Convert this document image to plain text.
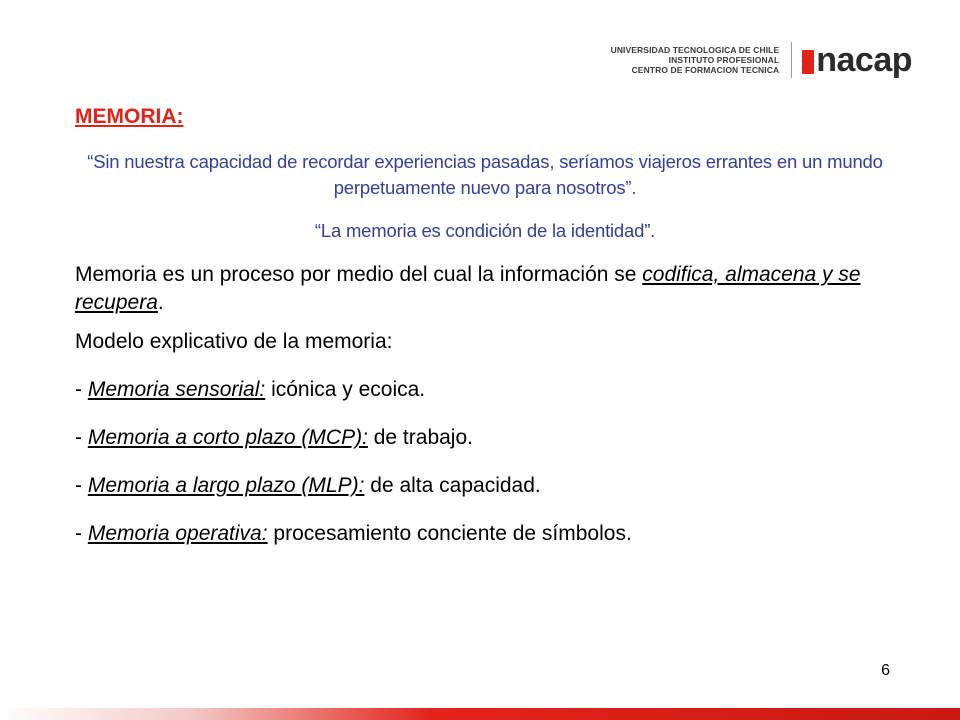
UNIVERSIDAD TECNOLOGICA DE CHILE
INSTITUTO PROFESIONAL
CENTRO DE FORMACION TECNICA nacap
MEMORIA:

“Sin nuestra capacidad de recordar experiencias pasadas, seríamos viajeros errantes en un mundo perpetuamente nuevo para nosotros”.

“La memoria es condición de la identidad”.

Memoria es un proceso por medio del cual la información se codifica, almacena y se recupera.

Modelo explicativo de la memoria:

- Memoria sensorial: icónica y ecoica.

- Memoria a corto plazo (MCP): de trabajo.

- Memoria a largo plazo (MLP): de alta capacidad.

- Memoria operativa: procesamiento conciente de símbolos.

6
